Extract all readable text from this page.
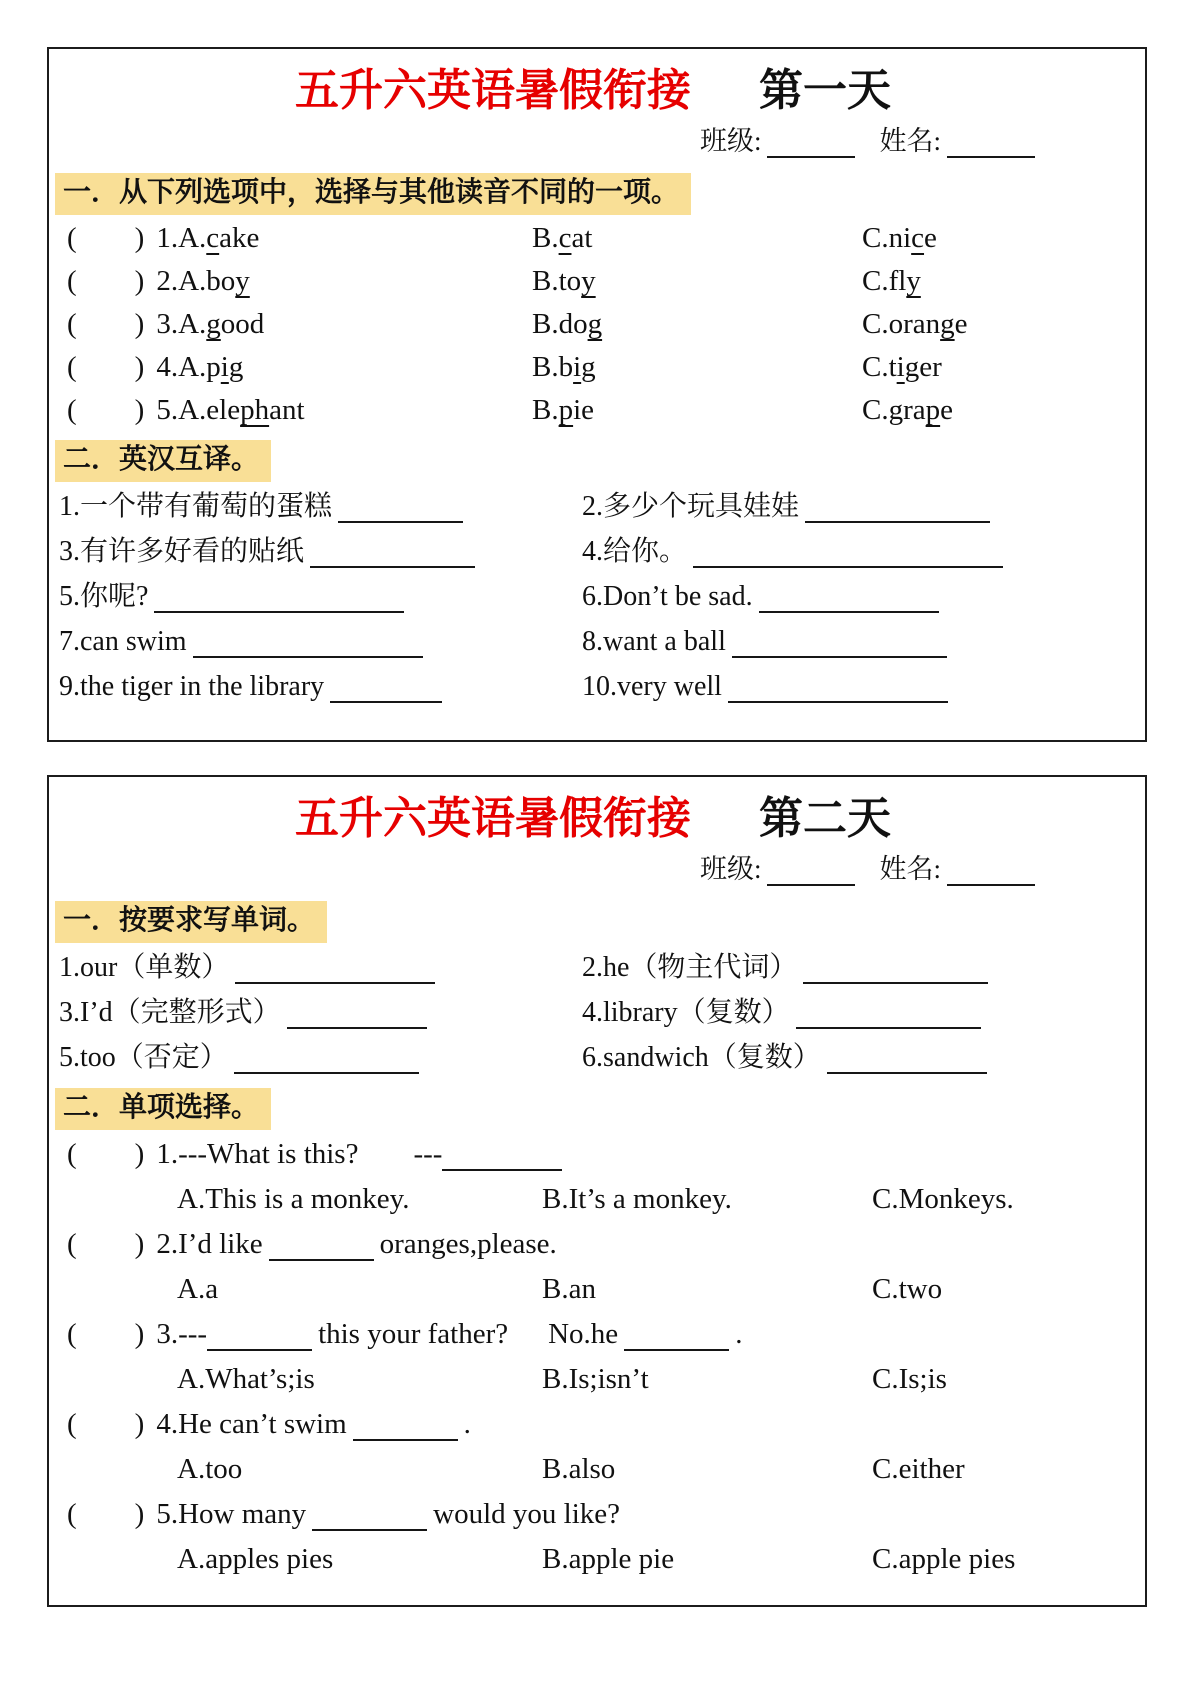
五升六英语暑假衔接 第一天
班级:	姓名:
一．从下列选项中，选择与其他读音不同的一项。
(　　) 1.A.cake	B.cat	C.nice
(　　) 2.A.boy	B.toy	C.fly
(　　) 3.A.good	B.dog	C.orange
(　　) 4.A.pig	B.big	C.tiger
(　　) 5.A.elephant	B.pie	C.grape
二．英汉互译。
1.一个带有葡萄的蛋糕	2.多少个玩具娃娃
3.有许多好看的贴纸	4.给你。
5.你呢?	6.Don’t be sad.
7.can swim	8.want a ball
9.the tiger in the library	10.very well
五升六英语暑假衔接 第二天
班级:	姓名:
一．按要求写单词。
1.our（单数）	2.he（物主代词）
3.I’d（完整形式）	4.library（复数）
5.too（否定）	6.sandwich（复数）
二．单项选择。
(　　) 1.---What is this? ---
A.This is a monkey.	B.It’s a monkey.	C.Monkeys.
(　　) 2.I’d like	oranges,please.
A.a	B.an	C.two
(　　) 3.---	this your father? No.he	.
A.What’s;is	B.Is;isn’t	C.Is;is
(　　) 4.He can’t swim	.
A.too	B.also	C.either
(　　) 5.How many	would you like?
A.apples pies	B.apple pie	C.apple pies
